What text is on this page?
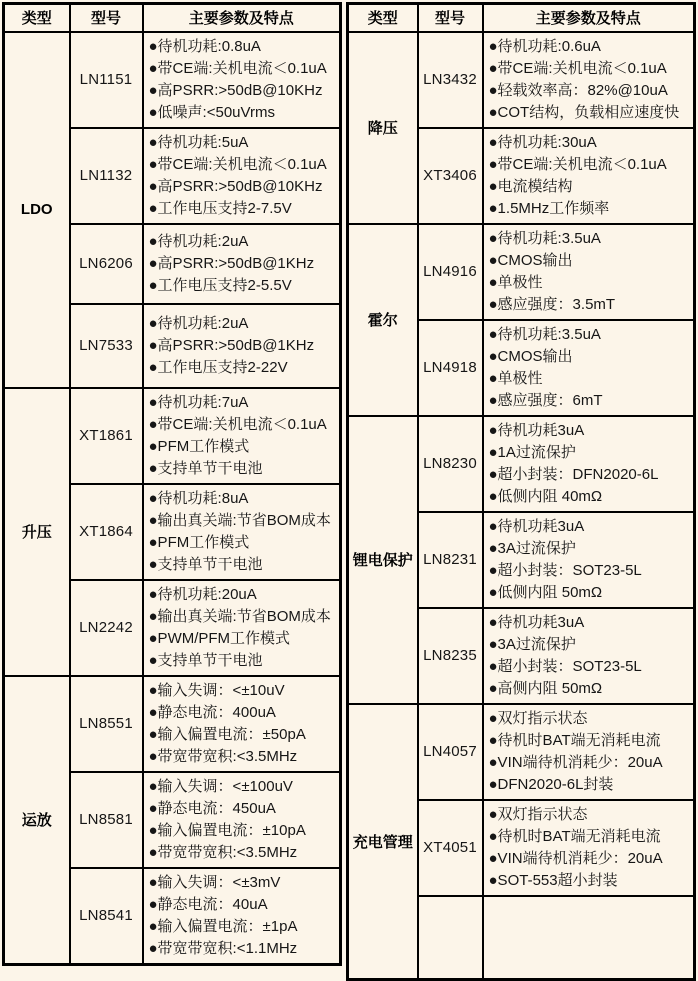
类型	型号	主要参数及特点
LDO	LN1151	●待机功耗:0.8uA
●带CE端:关机电流＜0.1uA
●高PSRR:>50dB@10KHz
●低噪声:<50uVrms

	LN1132	●待机功耗:5uA
●带CE端:关机电流＜0.1uA
●高PSRR:>50dB@10KHz
●工作电压支持2-7.5V

	LN6206	●待机功耗:2uA
●高PSRR:>50dB@1KHz
●工作电压支持2-5.5V

	LN7533	●待机功耗:2uA
●高PSRR:>50dB@1KHz
●工作电压支持2-22V

升压	XT1861	●待机功耗:7uA
●带CE端:关机电流＜0.1uA
●PFM工作模式
●支持单节干电池

	XT1864	●待机功耗:8uA
●输出真关端:节省BOM成本
●PFM工作模式
●支持单节干电池

	LN2242	●待机功耗:20uA
●输出真关端:节省BOM成本
●PWM/PFM工作模式
●支持单节干电池

运放	LN8551	●输入失调：<±10uV
●静态电流：400uA
●输入偏置电流：±50pA
●带宽带宽积:<3.5MHz

	LN8581	●输入失调：<±100uV
●静态电流：450uA
●输入偏置电流：±10pA
●带宽带宽积:<3.5MHz

	LN8541	●输入失调：<±3mV
●静态电流：40uA
●输入偏置电流：±1pA
●带宽带宽积:<1.1MHz
类型	型号	主要参数及特点
降压	LN3432	●待机功耗:0.6uA
●带CE端:关机电流＜0.1uA
●轻载效率高：82%@10uA
●COT结构，负载相应速度快

	XT3406	●待机功耗:30uA
●带CE端:关机电流＜0.1uA
●电流模结构
●1.5MHz工作频率

霍尔	LN4916	●待机功耗:3.5uA
●CMOS输出
●单极性
●感应强度：3.5mT

	LN4918	●待机功耗:3.5uA
●CMOS输出
●单极性
●感应强度：6mT

锂电保护	LN8230	●待机功耗3uA
●1A过流保护
●超小封装：DFN2020-6L
●低侧内阻 40mΩ

	LN8231	●待机功耗3uA
●3A过流保护
●超小封装：SOT23-5L
●低侧内阻 50mΩ

	LN8235	●待机功耗3uA
●3A过流保护
●超小封装：SOT23-5L
●高侧内阻 50mΩ

充电管理	LN4057	●双灯指示状态
●待机时BAT端无消耗电流
●VIN端待机消耗少：20uA
●DFN2020-6L封装

	XT4051	●双灯指示状态
●待机时BAT端无消耗电流
●VIN端待机消耗少：20uA
●SOT-553超小封装
